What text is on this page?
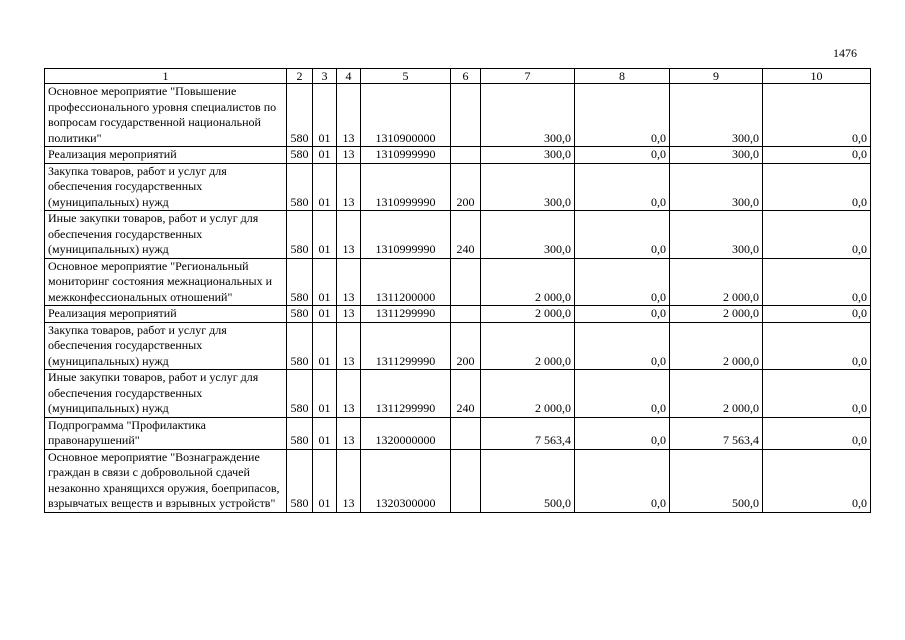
1476
1	2	3	4	5	6	7	8	9	10
Основное мероприятие "Повышение профессионального уровня специалистов по вопросам государственной национальной политики"	580	01	13	1310900000		300,0	0,0	300,0	0,0
Реализация мероприятий	580	01	13	1310999990		300,0	0,0	300,0	0,0
Закупка товаров, работ и услуг для обеспечения государственных (муниципальных) нужд	580	01	13	1310999990	200	300,0	0,0	300,0	0,0
Иные закупки товаров, работ и услуг для обеспечения государственных (муниципальных) нужд	580	01	13	1310999990	240	300,0	0,0	300,0	0,0
Основное мероприятие "Региональный мониторинг состояния межнациональных и межконфессиональных отношений"	580	01	13	1311200000		2 000,0	0,0	2 000,0	0,0
Реализация мероприятий	580	01	13	1311299990		2 000,0	0,0	2 000,0	0,0
Закупка товаров, работ и услуг для обеспечения государственных (муниципальных) нужд	580	01	13	1311299990	200	2 000,0	0,0	2 000,0	0,0
Иные закупки товаров, работ и услуг для обеспечения государственных (муниципальных) нужд	580	01	13	1311299990	240	2 000,0	0,0	2 000,0	0,0
Подпрограмма "Профилактика правонарушений"	580	01	13	1320000000		7 563,4	0,0	7 563,4	0,0
Основное мероприятие "Вознаграждение граждан в связи с добровольной сдачей незаконно хранящихся оружия, боеприпасов, взрывчатых веществ и взрывных устройств"	580	01	13	1320300000		500,0	0,0	500,0	0,0
